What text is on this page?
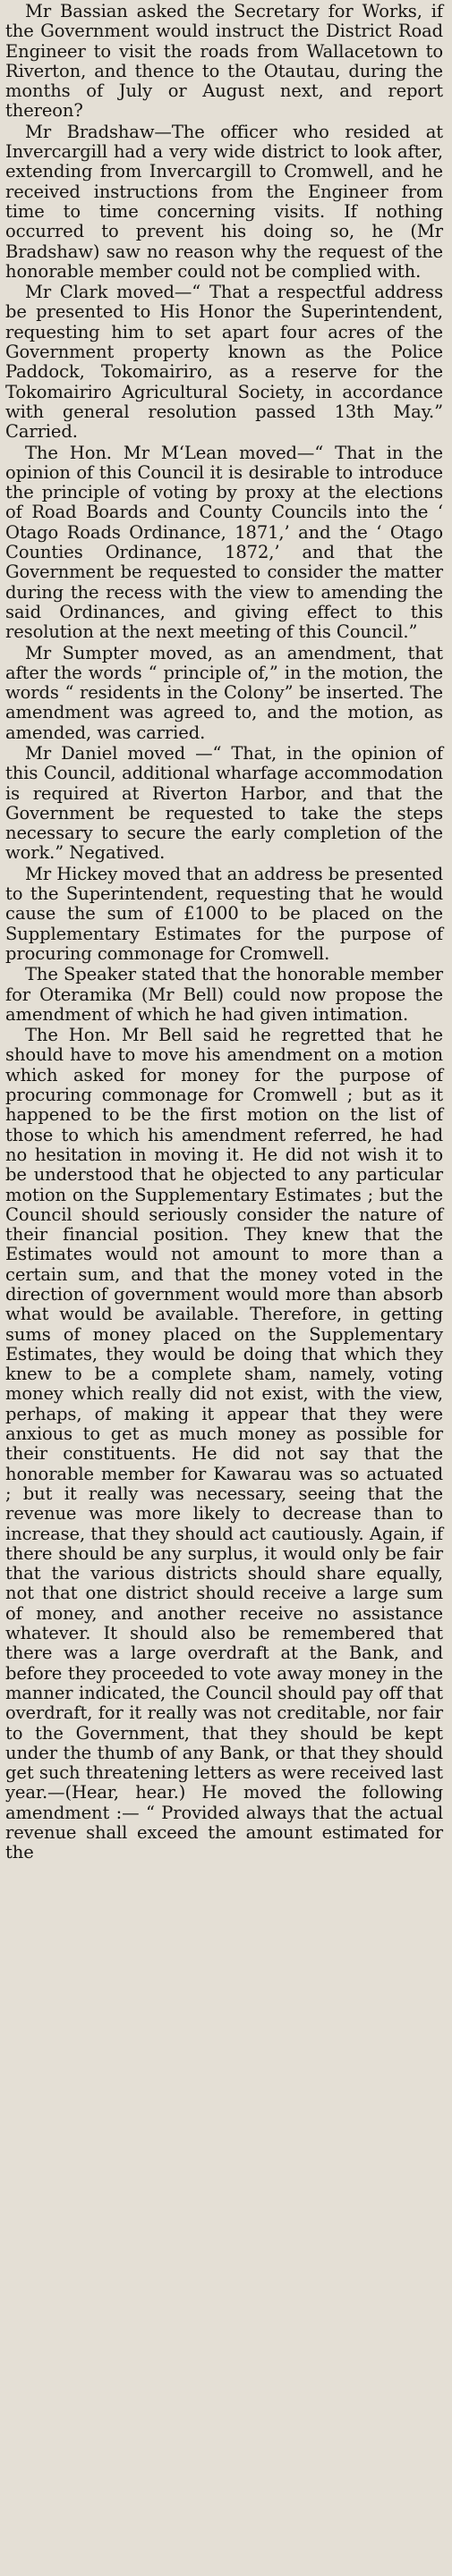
Mr Bassian asked the Secretary for Works, if the Government would instruct the District Road Engineer to visit the roads from Wallacetown to Riverton, and thence to the Otautau, during the months of July or August next, and report thereon?

Mr Bradshaw—The officer who resided at Invercargill had a very wide district to look after, extending from Invercargill to Cromwell, and he received instructions from the Engineer from time to time concerning visits. If nothing occurred to prevent his doing so, he (Mr Bradshaw) saw no reason why the request of the honorable member could not be complied with.

Mr Clark moved—“ That a respectful address be presented to His Honor the Superintendent, requesting him to set apart four acres of the Government property known as the Police Paddock, Tokomairiro, as a reserve for the Tokomairiro Agricultural Society, in accordance with general resolution passed 13th May.” Carried.

The Hon. Mr M‘Lean moved—“ That in the opinion of this Council it is desirable to introduce the principle of voting by proxy at the elections of Road Boards and County Councils into the ‘ Otago Roads Ordinance, 1871,’ and the ‘ Otago Counties Ordinance, 1872,’ and that the Government be requested to consider the matter during the recess with the view to amending the said Ordinances, and giving effect to this resolution at the next meeting of this Council.”

Mr Sumpter moved, as an amendment, that after the words “ principle of,” in the motion, the words “ residents in the Colony” be inserted. The amendment was agreed to, and the motion, as amended, was carried.

Mr Daniel moved —“ That, in the opinion of this Council, additional wharfage accommodation is required at Riverton Harbor, and that the Government be requested to take the steps necessary to secure the early completion of the work.” Negatived.

Mr Hickey moved that an address be presented to the Superintendent, requesting that he would cause the sum of £1000 to be placed on the Supplementary Estimates for the purpose of procuring commonage for Cromwell.

The Speaker stated that the honorable member for Oteramika (Mr Bell) could now propose the amendment of which he had given intimation.

The Hon. Mr Bell said he regretted that he should have to move his amendment on a motion which asked for money for the purpose of procuring commonage for Cromwell ; but as it happened to be the first motion on the list of those to which his amendment referred, he had no hesitation in moving it. He did not wish it to be understood that he objected to any particular motion on the Supplementary Estimates ; but the Council should seriously consider the nature of their financial position. They knew that the Estimates would not amount to more than a certain sum, and that the money voted in the direction of government would more than absorb what would be available. Therefore, in getting sums of money placed on the Supplementary Estimates, they would be doing that which they knew to be a complete sham, namely, voting money which really did not exist, with the view, perhaps, of making it appear that they were anxious to get as much money as possible for their constituents. He did not say that the honorable member for Kawarau was so actuated ; but it really was necessary, seeing that the revenue was more likely to decrease than to increase, that they should act cautiously. Again, if there should be any surplus, it would only be fair that the various districts should share equally, not that one district should receive a large sum of money, and another receive no assistance whatever. It should also be remembered that there was a large overdraft at the Bank, and before they proceeded to vote away money in the manner indicated, the Council should pay off that overdraft, for it really was not creditable, nor fair to the Government, that they should be kept under the thumb of any Bank, or that they should get such threatening letters as were received last year.—(Hear, hear.) He moved the following amendment :— “ Provided always that the actual revenue shall exceed the amount estimated for the
